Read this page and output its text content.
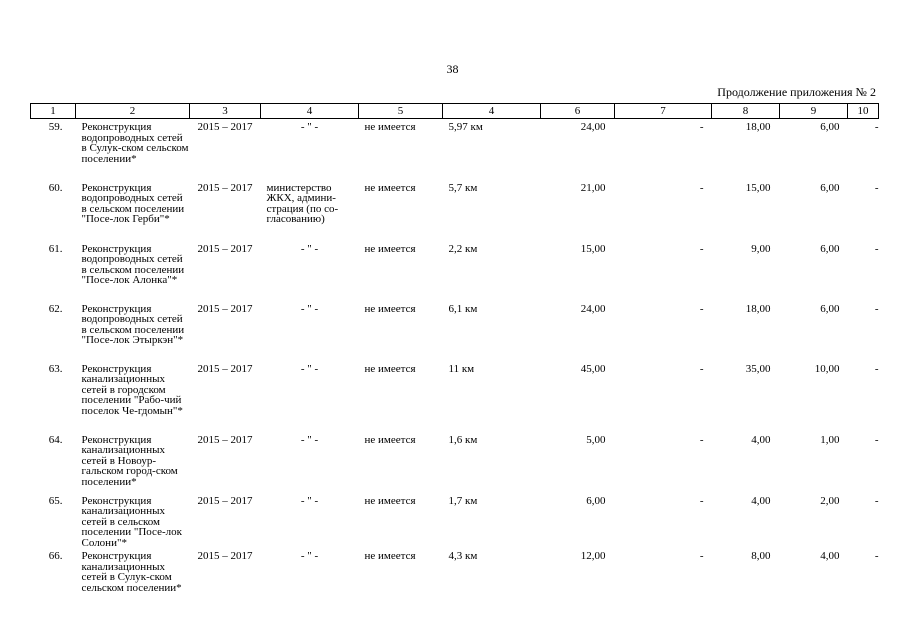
38
Продолжение приложения № 2
1	2	3	4	5	4	6	7	8	9	10
59.	Реконструкция водопроводных сетей в Сулук-ском сельском поселении*	2015 – 2017	- " -	не имеется	5,97 км	24,00	-	18,00	6,00	-
60.	Реконструкция водопроводных сетей в сельском поселении "Посе-лок Герби"*	2015 – 2017	министерство ЖКХ, админи-страция (по со-гласованию)	не имеется	5,7 км	21,00	-	15,00	6,00	-
61.	Реконструкция водопроводных сетей в сельском поселении "Посе-лок Алонка"*	2015 – 2017	- " -	не имеется	2,2 км	15,00	-	9,00	6,00	-
62.	Реконструкция водопроводных сетей в сельском поселении "Посе-лок Этыркэн"*	2015 – 2017	- " -	не имеется	6,1 км	24,00	-	18,00	6,00	-
63.	Реконструкция канализационных сетей в городском поселении "Рабо-чий поселок Че-гдомын"*	2015 – 2017	- " -	не имеется	11 км	45,00	-	35,00	10,00	-
64.	Реконструкция канализационных сетей в Новоур-гальском город-ском поселении*	2015 – 2017	- " -	не имеется	1,6 км	5,00	-	4,00	1,00	-
65.	Реконструкция канализационных сетей в сельском поселении "Посе-лок Солони"*	2015 – 2017	- " -	не имеется	1,7 км	6,00	-	4,00	2,00	-
66.	Реконструкция канализационных сетей в Сулук-ском сельском поселении*	2015 – 2017	- " -	не имеется	4,3 км	12,00	-	8,00	4,00	-
